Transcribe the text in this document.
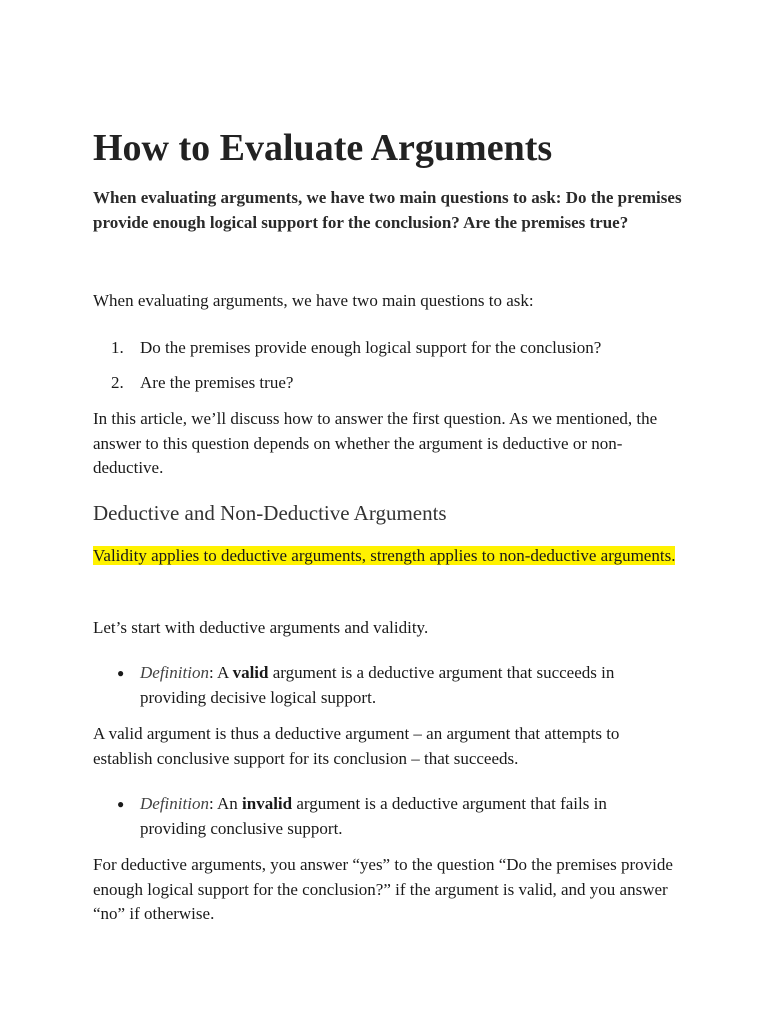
How to Evaluate Arguments

When evaluating arguments, we have two main questions to ask: Do the premises provide enough logical support for the conclusion? Are the premises true?

When evaluating arguments, we have two main questions to ask:

1. Do the premises provide enough logical support for the conclusion?
2. Are the premises true?

In this article, we’ll discuss how to answer the first question. As we mentioned, the answer to this question depends on whether the argument is deductive or non-deductive.

Deductive and Non-Deductive Arguments

Validity applies to deductive arguments, strength applies to non-deductive arguments.

Let’s start with deductive arguments and validity.

● Definition: A valid argument is a deductive argument that succeeds in providing decisive logical support.

A valid argument is thus a deductive argument – an argument that attempts to establish conclusive support for its conclusion – that succeeds.

● Definition: An invalid argument is a deductive argument that fails in providing conclusive support.

For deductive arguments, you answer “yes” to the question “Do the premises provide enough logical support for the conclusion?” if the argument is valid, and you answer “no” if otherwise.
